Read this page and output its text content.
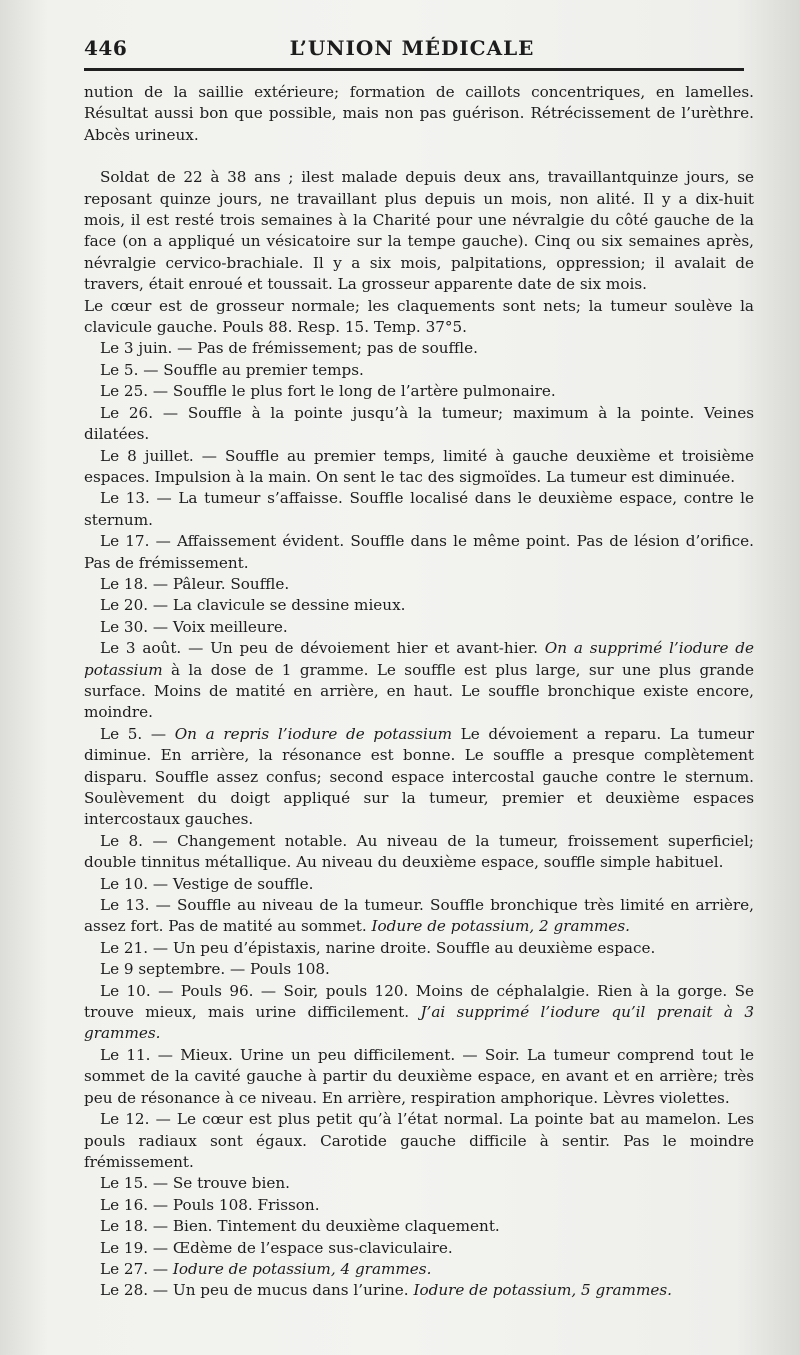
446	L’UNION MÉDICALE

nution de la saillie extérieure; formation de caillots concentriques, en lamelles. Résultat aussi bon que possible, mais non pas guérison. Rétrécissement de l’urèthre. Abcès urineux.

Soldat de 22 à 38 ans ; ilest malade depuis deux ans, travaillantquinze jours, se reposant quinze jours, ne travaillant plus depuis un mois, non alité. Il y a dix-huit mois, il est resté trois semaines à la Charité pour une névralgie du côté gauche de la face (on a appliqué un vésicatoire sur la tempe gauche). Cinq ou six semaines après, névralgie cervico-brachiale. Il y a six mois, palpitations, oppression; il avalait de travers, était enroué et toussait. La grosseur apparente date de six mois.

Le cœur est de grosseur normale; les claquements sont nets; la tumeur soulève la clavicule gauche. Pouls 88. Resp. 15. Temp. 37°5.

Le 3 juin. — Pas de frémissement; pas de souffle.

Le 5. — Souffle au premier temps.

Le 25. — Souffle le plus fort le long de l’artère pulmonaire.

Le 26. — Souffle à la pointe jusqu’à la tumeur; maximum à la pointe. Veines dilatées.

Le 8 juillet. — Souffle au premier temps, limité à gauche deuxième et troisième espaces. Impulsion à la main. On sent le tac des sigmoïdes. La tumeur est diminuée.

Le 13. — La tumeur s’affaisse. Souffle localisé dans le deuxième espace, contre le sternum.

Le 17. — Affaissement évident. Souffle dans le même point. Pas de lésion d’orifice. Pas de frémissement.

Le 18. — Pâleur. Souffle.

Le 20. — La clavicule se dessine mieux.

Le 30. — Voix meilleure.

Le 3 août. — Un peu de dévoiement hier et avant-hier. On a supprimé l’iodure de potassium à la dose de 1 gramme. Le souffle est plus large, sur une plus grande surface. Moins de matité en arrière, en haut. Le souffle bronchique existe encore, moindre.

Le 5. — On a repris l’iodure de potassium Le dévoiement a reparu. La tumeur diminue. En arrière, la résonance est bonne. Le souffle a presque complètement disparu. Souffle assez confus; second espace intercostal gauche contre le sternum. Soulèvement du doigt appliqué sur la tumeur, premier et deuxième espaces intercostaux gauches.

Le 8. — Changement notable. Au niveau de la tumeur, froissement superficiel; double tinnitus métallique. Au niveau du deuxième espace, souffle simple habituel.

Le 10. — Vestige de souffle.

Le 13. — Souffle au niveau de la tumeur. Souffle bronchique très limité en arrière, assez fort. Pas de matité au sommet. Iodure de potassium, 2 grammes.

Le 21. — Un peu d’épistaxis, narine droite. Souffle au deuxième espace.

Le 9 septembre. — Pouls 108.

Le 10. — Pouls 96. — Soir, pouls 120. Moins de céphalalgie. Rien à la gorge. Se trouve mieux, mais urine difficilement. J’ai supprimé l’iodure qu’il prenait à 3 grammes.

Le 11. — Mieux. Urine un peu difficilement. — Soir. La tumeur comprend tout le sommet de la cavité gauche à partir du deuxième espace, en avant et en arrière; très peu de résonance à ce niveau. En arrière, respiration amphorique. Lèvres violettes.

Le 12. — Le cœur est plus petit qu’à l’état normal. La pointe bat au mamelon. Les pouls radiaux sont égaux. Carotide gauche difficile à sentir. Pas le moindre frémissement.

Le 15. — Se trouve bien.

Le 16. — Pouls 108. Frisson.

Le 18. — Bien. Tintement du deuxième claquement.

Le 19. — Œdème de l’espace sus-claviculaire.

Le 27. — Iodure de potassium, 4 grammes.

Le 28. — Un peu de mucus dans l’urine. Iodure de potassium, 5 grammes.
